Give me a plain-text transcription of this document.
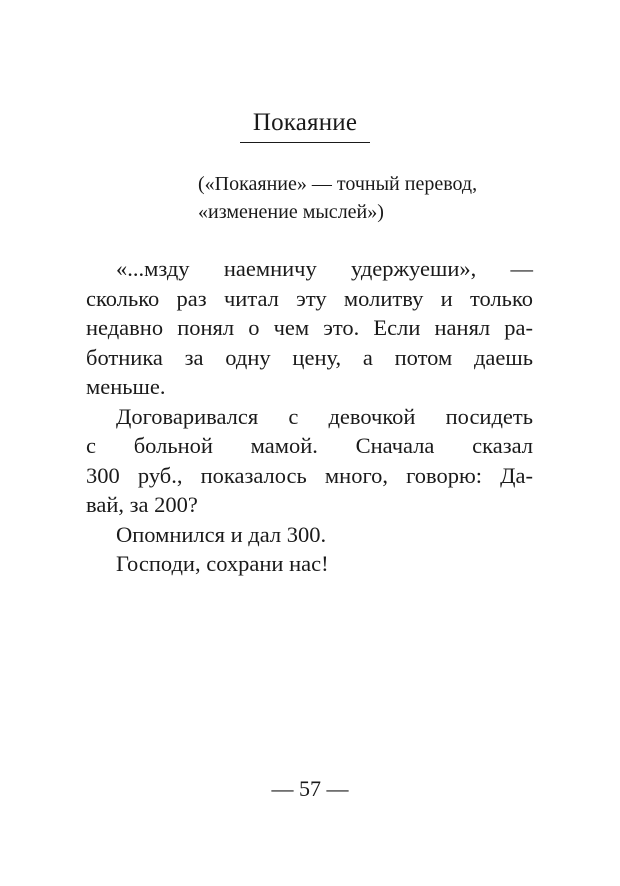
Покаяние
(«Покаяние» — точный перевод,
«изменение мыслей»)
«...мзду наемничу удержуеши», —
сколько раз читал эту молитву и только
недавно понял о чем это. Если нанял ра-
ботника за одну цену, а потом даешь
меньше.
Договаривался с девочкой посидеть
с больной мамой. Сначала сказал
300 руб., показалось много, говорю: Да-
вай, за 200?
Опомнился и дал 300.
Господи, сохрани нас!
— 57 —
